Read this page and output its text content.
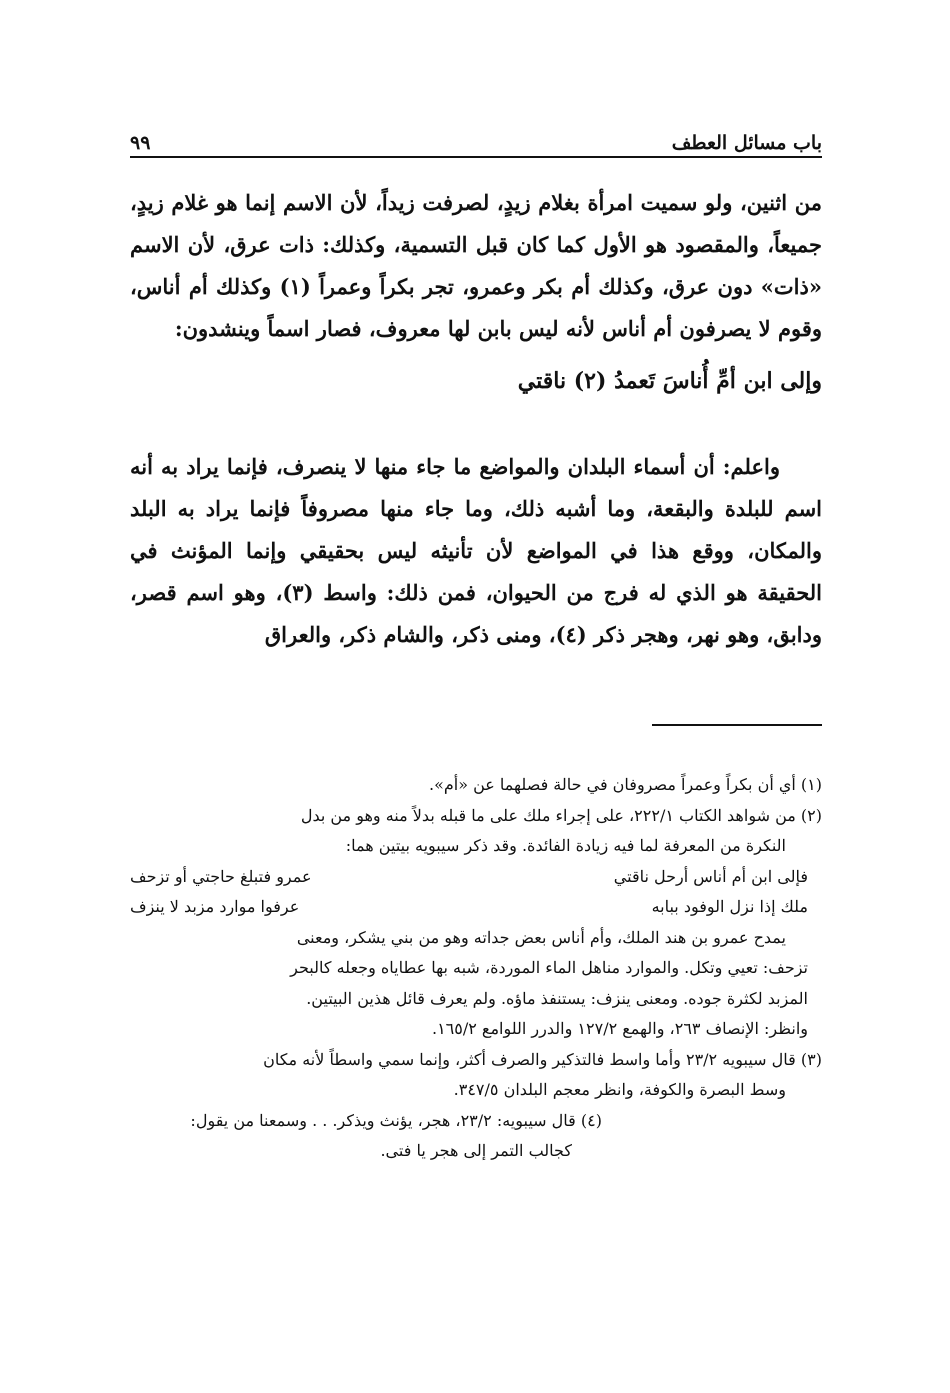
باب مسائل العطف
٩٩

من اثنين، ولو سميت امرأة بغلام زيدٍ، لصرفت زيداً، لأن الاسم إنما هو غلام زيدٍ، جميعاً، والمقصود هو الأول كما كان قبل التسمية، وكذلك: ذات عرق، لأن الاسم «ذات» دون عرق، وكذلك أم بكر وعمرو، تجر بكراً وعمراً (١) وكذلك أم أناس، وقوم لا يصرفون أم أناس لأنه ليس بابن لها معروف، فصار اسماً وينشدون:

وإلى ابن أمِّ أُناسَ تَعمدُ (٢) ناقتي

واعلم: أن أسماء البلدان والمواضع ما جاء منها لا ينصرف، فإنما يراد به أنه اسم للبلدة والبقعة، وما أشبه ذلك، وما جاء منها مصروفاً فإنما يراد به البلد والمكان، ووقع هذا في المواضع لأن تأنيثه ليس بحقيقي وإنما المؤنث في الحقيقة هو الذي له فرج من الحيوان، فمن ذلك: واسط (٣)، وهو اسم قصر، ودابق، وهو نهر، وهجر ذكر (٤)، ومنى ذكر، والشام ذكر، والعراق

(١) أي أن بكراً وعمراً مصروفان في حالة فصلهما عن «أم».

(٢) من شواهد الكتاب ٢٢٢/١، على إجراء ملك على ما قبله بدلاً منه وهو من بدل

النكرة من المعرفة لما فيه زيادة الفائدة. وقد ذكر سيبويه بيتين هما:

فإلى ابن أم أناس أرحل ناقتي
عمرو فتبلغ حاجتي أو تزحف
ملك إذا نزل الوفود ببابه
عرفوا موارد مزبد لا ينزف

يمدح عمرو بن هند الملك، وأم أناس بعض جداته وهو من بني يشكر، ومعنى

تزحف: تعيي وتكل. والموارد مناهل الماء الموردة، شبه بها عطاياه وجعله كالبحر

المزبد لكثرة جوده. ومعنى ينزف: يستنفذ ماؤه. ولم يعرف قائل هذين البيتين.

وانظر: الإنصاف ٢٦٣، والهمع ١٢٧/٢ والدرر اللوامع ١٦٥/٢.

(٣) قال سيبويه ٢٣/٢ وأما واسط فالتذكير والصرف أكثر، وإنما سمي واسطاً لأنه مكان

وسط البصرة والكوفة، وانظر معجم البلدان ٣٤٧/٥.

(٤) قال سيبويه: ٢٣/٢، هجر، يؤنث ويذكر. . . وسمعنا من يقول:

كجالب التمر إلى هجر يا فتى.
